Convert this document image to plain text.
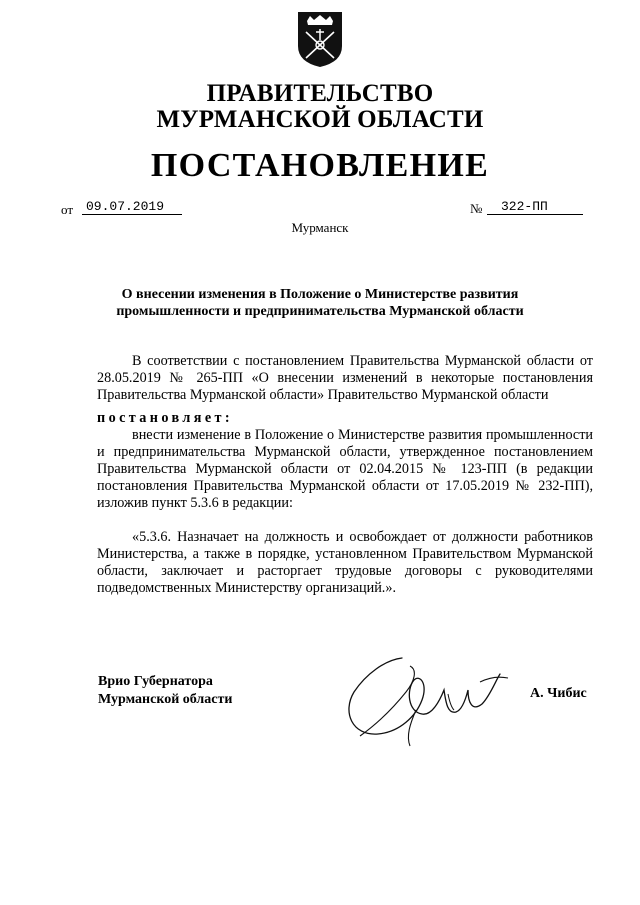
ПРАВИТЕЛЬСТВО
МУРМАНСКОЙ ОБЛАСТИ
ПОСТАНОВЛЕНИЕ
от 09.07.2019	№	322-ПП
Мурманск
О внесении изменения в Положение о Министерстве развития
промышленности и предпринимательства Мурманской области
В соответствии с постановлением Правительства Мурманской области от 28.05.2019 № 265-ПП «О внесении изменений в некоторые постановления Правительства Мурманской области» Правительство Мурманской области
постановляет:
внести изменение в Положение о Министерстве развития промышленности и предпринимательства Мурманской области, утвержденное постановлением Правительства Мурманской области от 02.04.2015 № 123-ПП (в редакции постановления Правительства Мурманской области от 17.05.2019 № 232-ПП), изложив пункт 5.3.6 в редакции:
«5.3.6. Назначает на должность и освобождает от должности работников Министерства, а также в порядке, установленном Правительством Мурманской области, заключает и расторгает трудовые договоры с руководителями подведомственных Министерству организаций.».
Врио Губернатора
Мурманской области	А. Чибис
